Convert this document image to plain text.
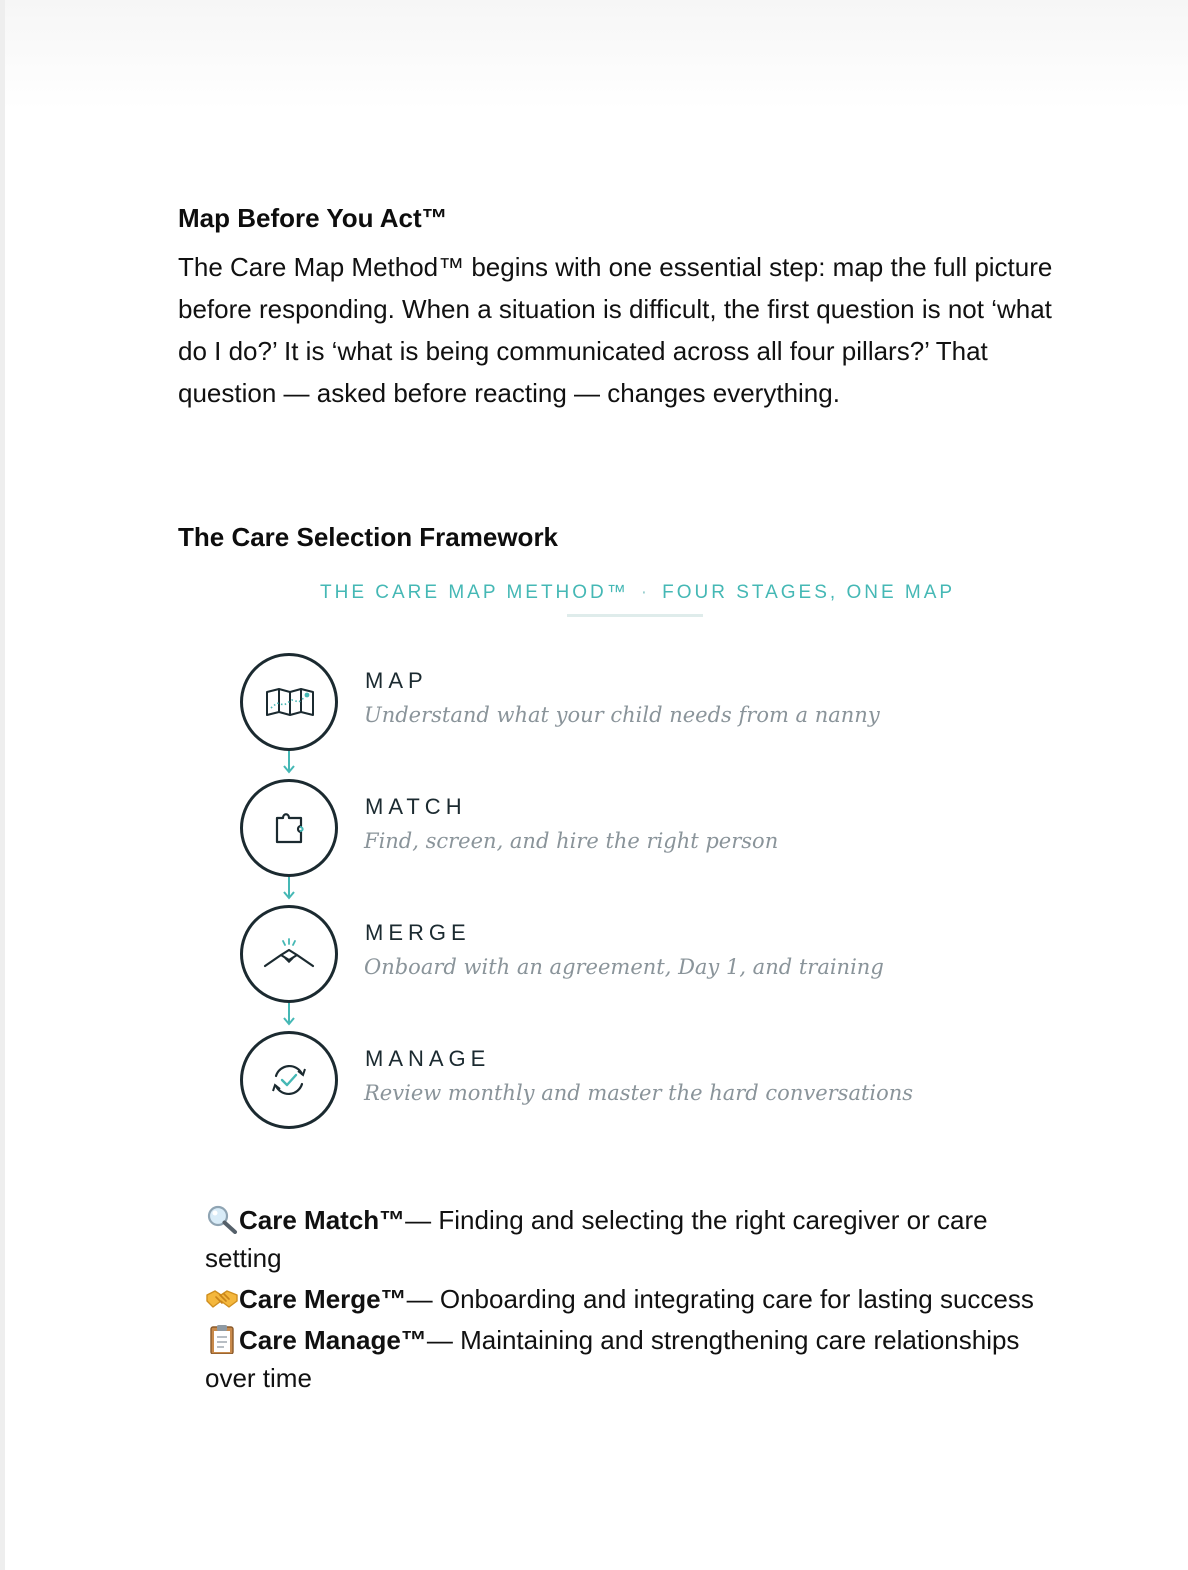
Map Before You Act™
The Care Map Method™ begins with one essential step: map the full picture before responding. When a situation is difficult, the first question is not ‘what do I do?’ It is ‘what is being communicated across all four pillars?’ That question — asked before reacting — changes everything.
The Care Selection Framework
THE CARE MAP METHOD™ · FOUR STAGES, ONE MAP
MAP
Understand what your child needs from a nanny
MATCH
Find, screen, and hire the right person
MERGE
Onboard with an agreement, Day 1, and training
MANAGE
Review monthly and master the hard conversations
Care Match™— Finding and selecting the right caregiver or care setting
Care Merge™— Onboarding and integrating care for lasting success
Care Manage™— Maintaining and strengthening care relationships over time
